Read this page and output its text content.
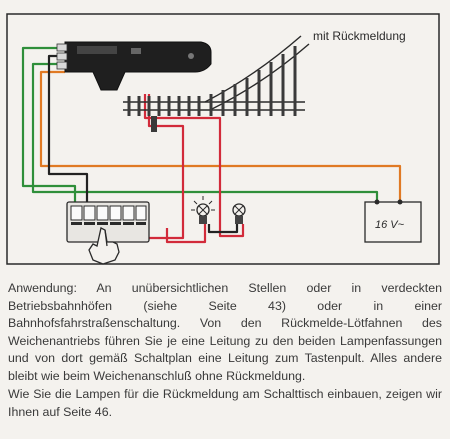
mit Rückmeldung
16 V~

Anwendung: An unübersichtlichen Stellen oder in verdeckten Betriebsbahnhöfen (siehe Seite 43) oder in einer Bahnhofsfahrstraßenschaltung. Von den Rückmelde-Lötfahnen des Weichenantriebs führen Sie je eine Leitung zu den beiden Lampenfassungen und von dort gemäß Schaltplan eine Leitung zum Tastenpult. Alles andere bleibt wie beim Weichenanschluß ohne Rückmeldung.

Wie Sie die Lampen für die Rückmeldung am Schalttisch einbauen, zeigen wir Ihnen auf Seite 46.
